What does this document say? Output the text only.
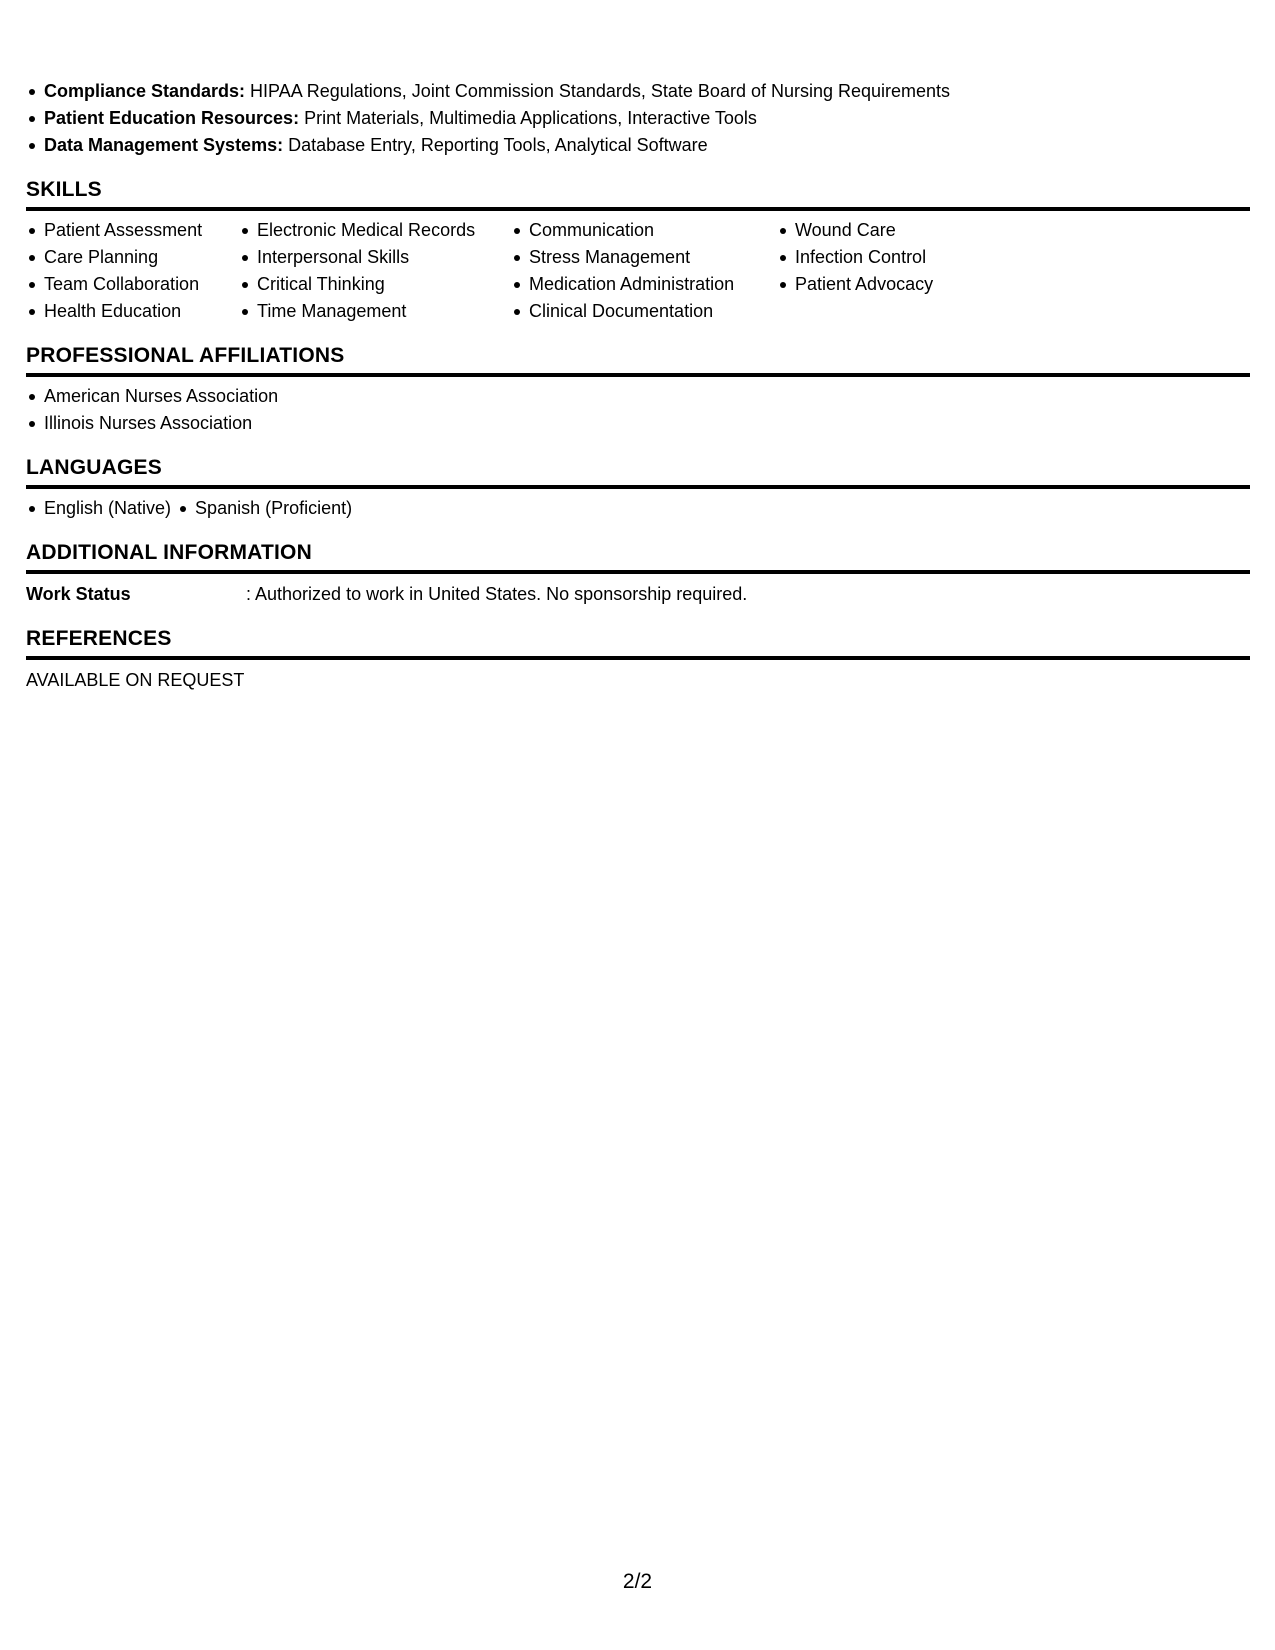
Compliance Standards: HIPAA Regulations, Joint Commission Standards, State Board of Nursing Requirements
Patient Education Resources: Print Materials, Multimedia Applications, Interactive Tools
Data Management Systems: Database Entry, Reporting Tools, Analytical Software
SKILLS
Patient Assessment
Care Planning
Team Collaboration
Health Education
Electronic Medical Records
Interpersonal Skills
Critical Thinking
Time Management
Communication
Stress Management
Medication Administration
Clinical Documentation
Wound Care
Infection Control
Patient Advocacy
PROFESSIONAL AFFILIATIONS
American Nurses Association
Illinois Nurses Association
LANGUAGES
English (Native) Spanish (Proficient)
ADDITIONAL INFORMATION
Work Status	: Authorized to work in United States. No sponsorship required.
REFERENCES
AVAILABLE ON REQUEST
2/2
